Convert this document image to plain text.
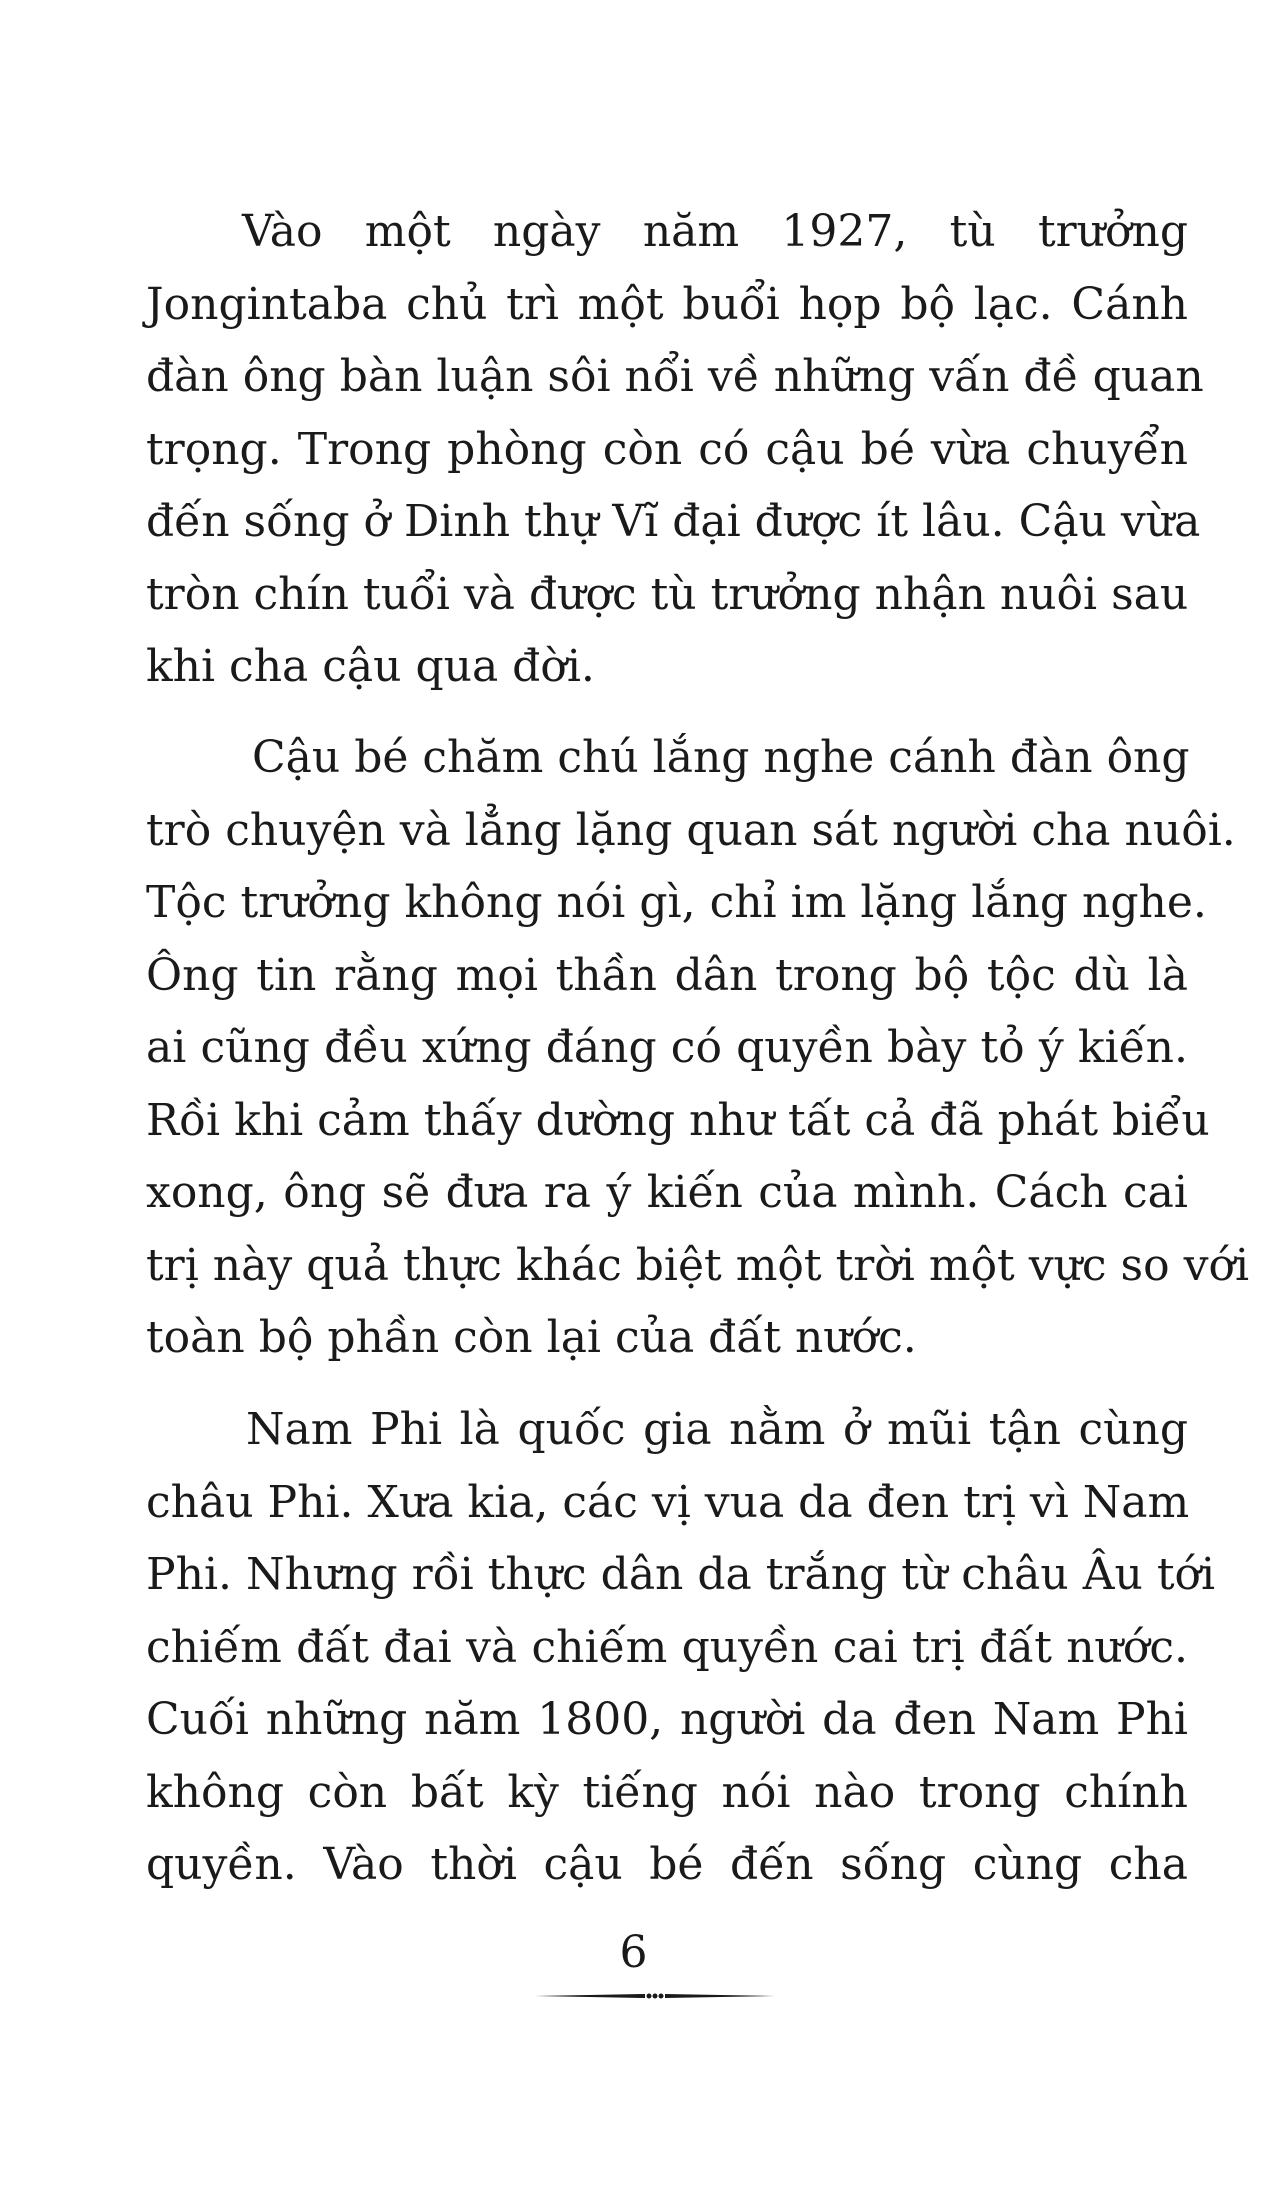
Vào một ngày năm 1927, tù trưởng
Jongintaba chủ trì một buổi họp bộ lạc. Cánh
đàn ông bàn luận sôi nổi về những vấn đề quan
trọng. Trong phòng còn có cậu bé vừa chuyển
đến sống ở Dinh thự Vĩ đại được ít lâu. Cậu vừa
tròn chín tuổi và được tù trưởng nhận nuôi sau
khi cha cậu qua đời.
Cậu bé chăm chú lắng nghe cánh đàn ông
trò chuyện và lẳng lặng quan sát người cha nuôi.
Tộc trưởng không nói gì, chỉ im lặng lắng nghe.
Ông tin rằng mọi thần dân trong bộ tộc dù là
ai cũng đều xứng đáng có quyền bày tỏ ý kiến.
Rồi khi cảm thấy dường như tất cả đã phát biểu
xong, ông sẽ đưa ra ý kiến của mình. Cách cai
trị này quả thực khác biệt một trời một vực so với
toàn bộ phần còn lại của đất nước.
Nam Phi là quốc gia nằm ở mũi tận cùng
châu Phi. Xưa kia, các vị vua da đen trị vì Nam
Phi. Nhưng rồi thực dân da trắng từ châu Âu tới
chiếm đất đai và chiếm quyền cai trị đất nước.
Cuối những năm 1800, người da đen Nam Phi
không còn bất kỳ tiếng nói nào trong chính
quyền. Vào thời cậu bé đến sống cùng cha
6
